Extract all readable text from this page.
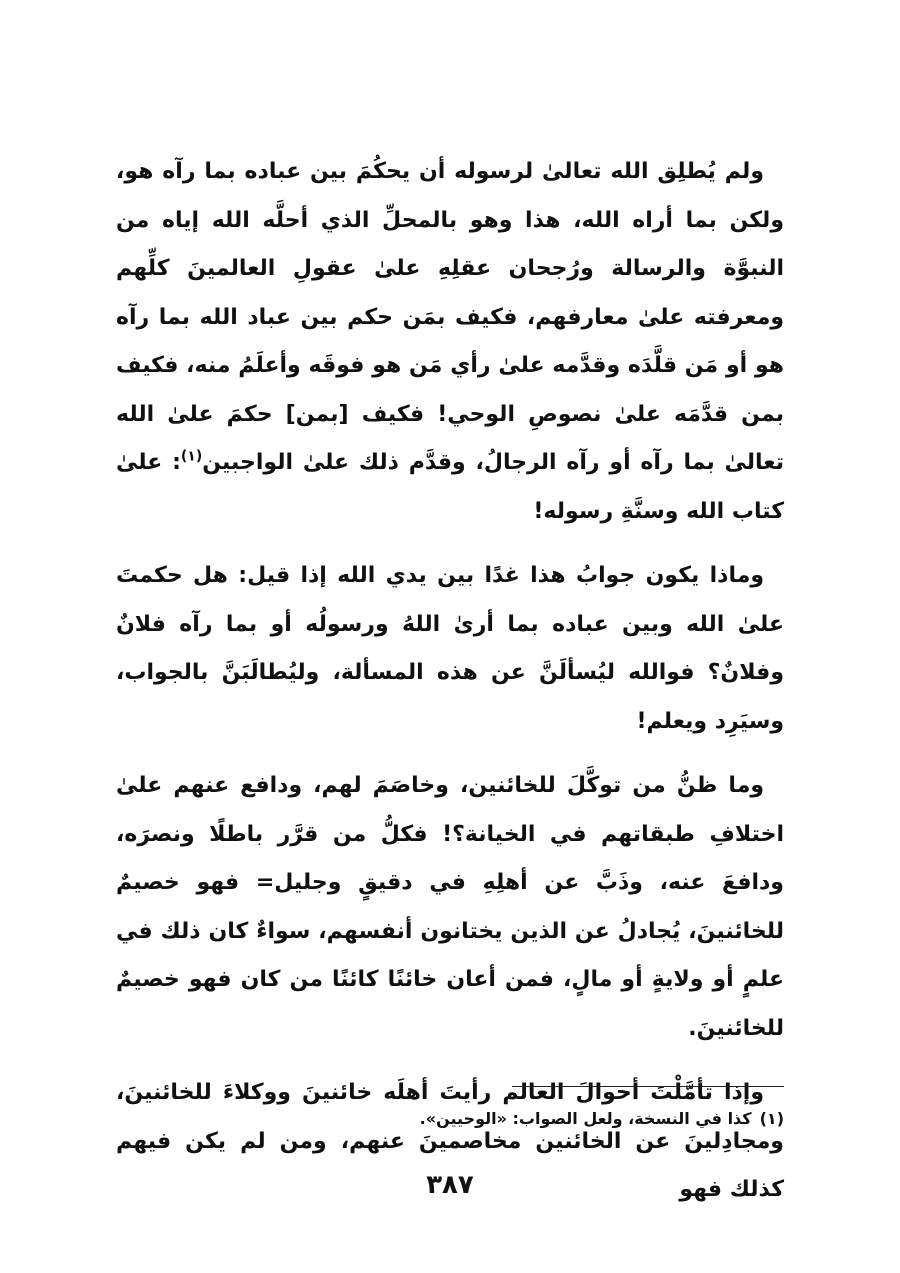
ولم يُطلِق الله تعالىٰ لرسوله أن يحكُمَ بين عباده بما رآه هو، ولكن بما أراه الله، هذا وهو بالمحلِّ الذي أحلَّه الله إياه من النبوَّة والرسالة ورُجحان عقلِهِ علىٰ عقولِ العالمينَ كلِّهم ومعرفته علىٰ معارفهم، فكيف بمَن حكم بين عباد الله بما رآه هو أو مَن قلَّدَه وقدَّمه علىٰ رأي مَن هو فوقَه وأعلَمُ منه، فكيف بمن قدَّمَه علىٰ نصوصِ الوحي! فكيف [بمن] حكمَ علىٰ الله تعالىٰ بما رآه أو رآه الرجالُ، وقدَّم ذلك علىٰ الواجبين$^{(١)}$: علىٰ كتاب الله وسنَّةِ رسوله!

وماذا يكون جوابُ هذا غدًا بين يدي الله إذا قيل: هل حكمتَ علىٰ الله وبين عباده بما أرىٰ اللهُ ورسولُه أو بما رآه فلانٌ وفلانٌ؟ فوالله ليُسألَنَّ عن هذه المسألة، وليُطالَبَنَّ بالجواب، وسيَرِد ويعلم!

وما ظنُّ من توكَّلَ للخائنين، وخاصَمَ لهم، ودافع عنهم علىٰ اختلافِ طبقاتهم في الخيانة؟! فكلُّ من قرَّر باطلًا ونصرَه، ودافعَ عنه، وذَبَّ عن أهلِهِ في دقيقٍ وجليل= فهو خصيمٌ للخائنينَ، يُجادلُ عن الذين يختانون أنفسهم، سواءٌ كان ذلك في علمٍ أو ولايةٍ أو مالٍ، فمن أعان خائنًا كائنًا من كان فهو خصيمٌ للخائنينَ.

وإذا تأمَّلْتَ أحوالَ العالم رأيتَ أهلَه خائنينَ ووكلاءَ للخائنينَ، ومجادِلينَ عن الخائنين مخاصمينَ عنهم، ومن لم يكن فيهم كذلك فهو

(١)كذا في النسخة، ولعل الصواب: «الوحيين».
٣٨٧
